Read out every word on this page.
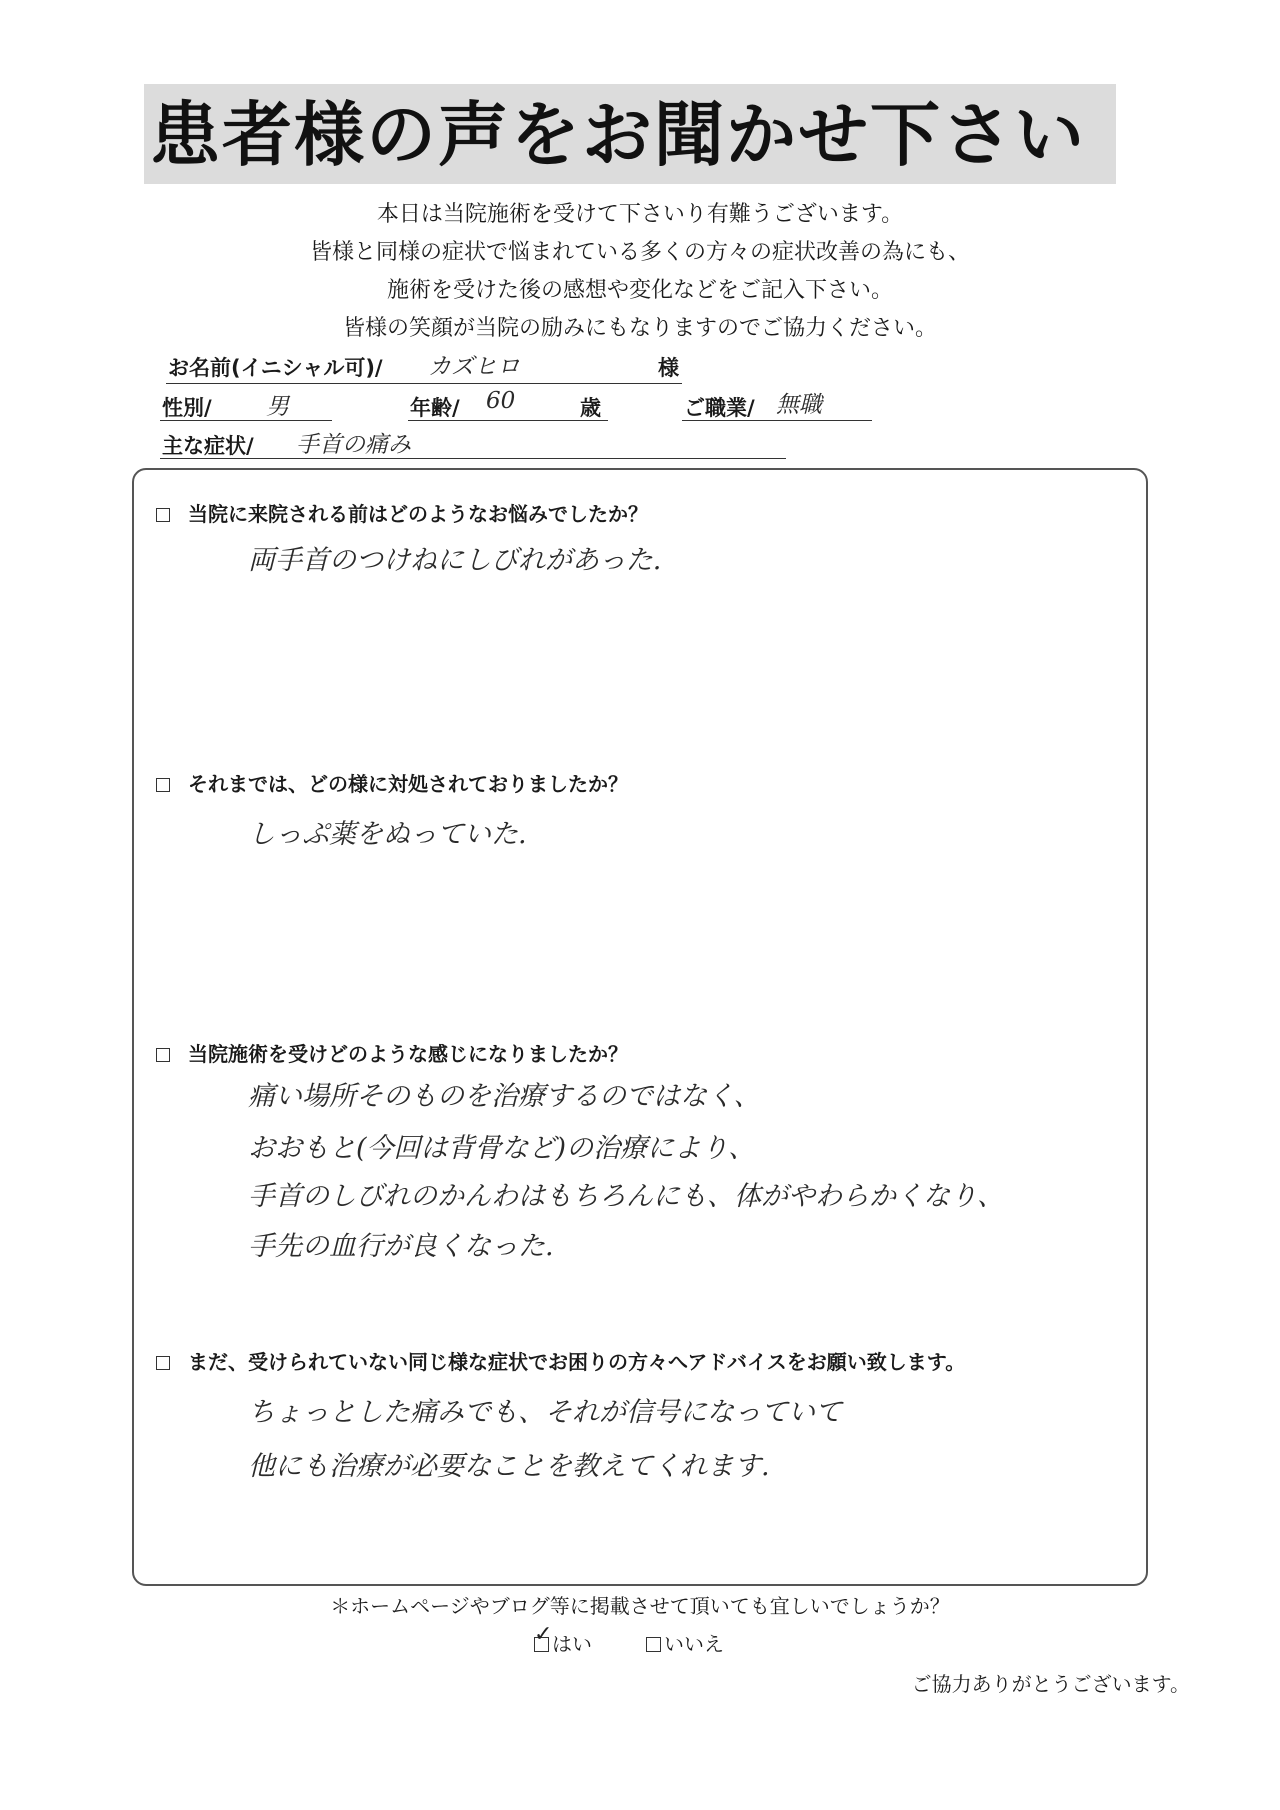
患者様の声をお聞かせ下さい
本日は当院施術を受けて下さいり有難うございます。
皆様と同様の症状で悩まれている多くの方々の症状改善の為にも、
施術を受けた後の感想や変化などをご記入下さい。
皆様の笑顔が当院の励みにもなりますのでご協力ください。
お名前(イニシャル可)/ カズヒロ	様
性別/ 男	年齢/ 60	歳	ご職業/ 無職
主な症状/ 手首の痛み
当院に来院される前はどのようなお悩みでしたか？
両手首のつけねにしびれがあった.
それまでは、どの様に対処されておりましたか？
しっぷ薬をぬっていた.
当院施術を受けどのような感じになりましたか？
痛い場所そのものを治療するのではなく、
おおもと(今回は背骨など)の治療により、
手首のしびれのかんわはもちろんにも、体がやわらかくなり、
手先の血行が良くなった.
まだ、受けられていない同じ様な症状でお困りの方々へアドバイスをお願い致します。
ちょっとした痛みでも、それが信号になっていて
他にも治療が必要なことを教えてくれます.
＊ホームページやブログ等に掲載させて頂いても宜しいでしょうか？
✓ はい	いいえ
ご協力ありがとうございます。
